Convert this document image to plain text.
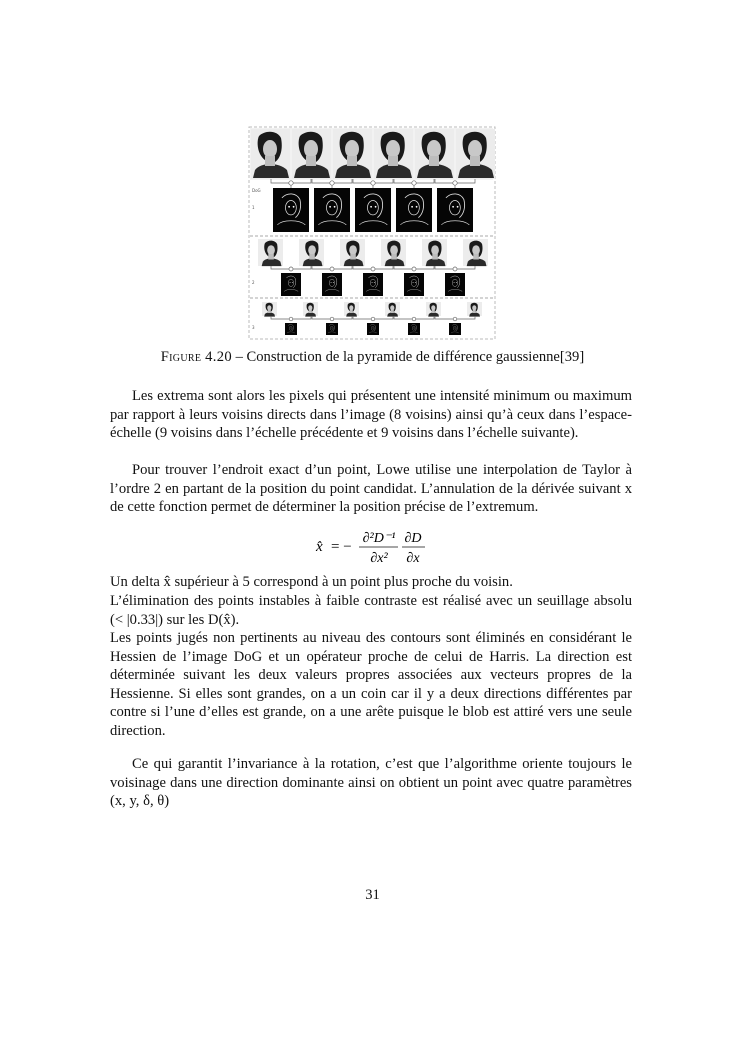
DoG
1
2
3
Figure 4.20 – Construction de la pyramide de différence gaussienne[39]

Les extrema sont alors les pixels qui présentent une intensité minimum ou maximum par rapport à leurs voisins directs dans l’image (8 voisins) ainsi qu’à ceux dans l’espace-échelle (9 voisins dans l’échelle précédente et 9 voisins dans l’échelle suivante).

Pour trouver l’endroit exact d’un point, Lowe utilise une interpolation de Taylor à l’ordre 2 en partant de la position du point candidat. L’annulation de la dérivée suivant x de cette fonction permet de déterminer la position précise de l’extremum.

x̂ = −
∂²D⁻¹
∂x²
∂D
∂x

Un delta x̂ supérieur à 5 correspond à un point plus proche du voisin.

L’élimination des points instables à faible contraste est réalisé avec un seuillage absolu (< |0.33|) sur les D(x̂).

Les points jugés non pertinents au niveau des contours sont éliminés en considérant le Hessien de l’image DoG et un opérateur proche de celui de Harris. La direction est déterminée suivant les deux valeurs propres associées aux vecteurs propres de la Hessienne. Si elles sont grandes, on a un coin car il y a deux directions différentes par contre si l’une d’elles est grande, on a une arête puisque le blob est attiré vers une seule direction.

Ce qui garantit l’invariance à la rotation, c’est que l’algorithme oriente toujours le voisinage dans une direction dominante ainsi on obtient un point avec quatre paramètres (x, y, δ, θ)

31
